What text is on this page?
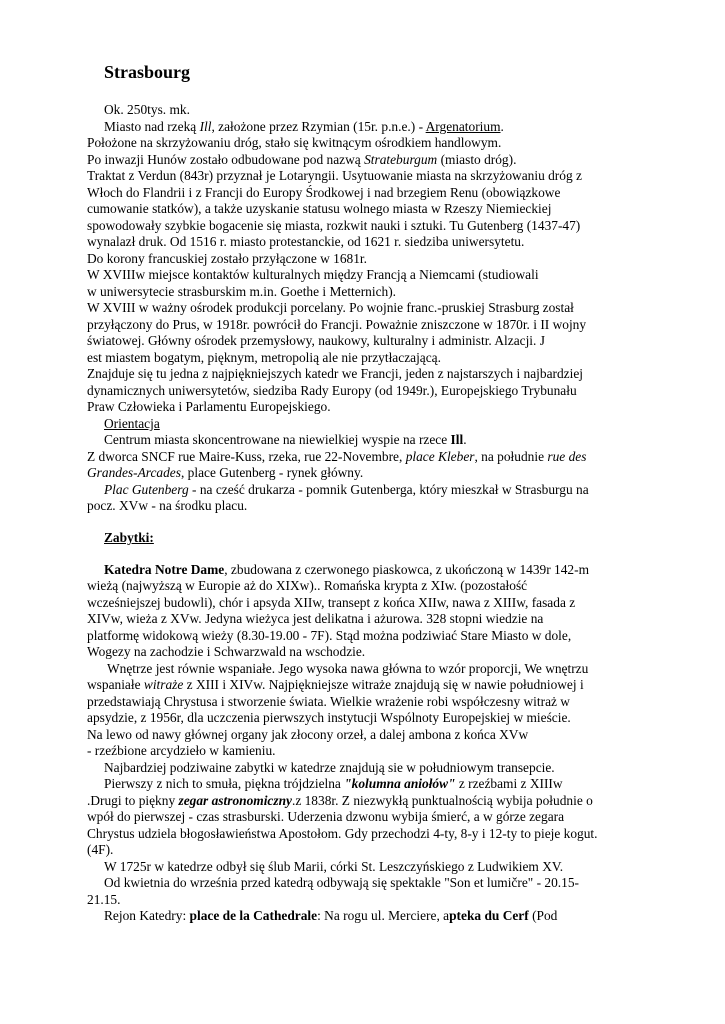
Strasbourg
Ok. 250tys. mk.
Miasto nad rzeką Ill, założone przez Rzymian (15r. p.n.e.) - Argenatorium.
Położone na skrzyżowaniu dróg, stało się kwitnącym ośrodkiem handlowym.
Po inwazji Hunów zostało odbudowane pod nazwą Strateburgum (miasto dróg).
Traktat z Verdun (843r) przyznał je Lotaryngii. Usytuowanie miasta na skrzyżowaniu dróg z
Włoch do Flandrii i z Francji do Europy Środkowej i nad brzegiem Renu (obowiązkowe
cumowanie statków), a także uzyskanie statusu wolnego miasta w Rzeszy Niemieckiej
spowodowały szybkie bogacenie się miasta, rozkwit nauki i sztuki. Tu Gutenberg (1437-47)
wynalazł druk. Od 1516 r. miasto protestanckie, od 1621 r. siedziba uniwersytetu.
Do korony francuskiej zostało przyłączone w 1681r.
W XVIIIw miejsce kontaktów kulturalnych między Francją a Niemcami (studiowali
w uniwersytecie strasburskim m.in. Goethe i Metternich).
W XVIII w ważny ośrodek produkcji porcelany. Po wojnie franc.-pruskiej Strasburg został
przyłączony do Prus, w 1918r. powrócił do Francji. Poważnie zniszczone w 1870r. i II wojny
światowej. Główny ośrodek przemysłowy, naukowy, kulturalny i administr. Alzacji. J
est miastem bogatym, pięknym, metropolią ale nie przytłaczającą.
Znajduje się tu jedna z najpiękniejszych katedr we Francji, jeden z najstarszych i najbardziej
dynamicznych uniwersytetów, siedziba Rady Europy (od 1949r.), Europejskiego Trybunału
Praw Człowieka i Parlamentu Europejskiego.
Orientacja
Centrum miasta skoncentrowane na niewielkiej wyspie na rzece Ill.
Z dworca SNCF rue Maire-Kuss, rzeka, rue 22-Novembre, place Kleber, na południe rue des
Grandes-Arcades, place Gutenberg - rynek główny.
Plac Gutenberg - na cześć drukarza - pomnik Gutenberga, który mieszkał w Strasburgu na
pocz. XVw - na środku placu.
Zabytki:
Katedra Notre Dame, zbudowana z czerwonego piaskowca, z ukończoną w 1439r 142-m
wieżą (najwyższą w Europie aż do XIXw).. Romańska krypta z XIw. (pozostałość
wcześniejszej budowli), chór i apsyda XIIw, transept z końca XIIw, nawa z XIIIw, fasada z
XIVw, wieża z XVw. Jedyna wieżyca jest delikatna i ażurowa. 328 stopni wiedzie na
platformę widokową wieży (8.30-19.00 - 7F). Stąd można podziwiać Stare Miasto w dole,
Wogezy na zachodzie i Schwarzwald na wschodzie.
Wnętrze jest równie wspaniałe. Jego wysoka nawa główna to wzór proporcji, We wnętrzu
wspaniałe witraże z XIII i XIVw. Najpiękniejsze witraże znajdują się w nawie południowej i
przedstawiają Chrystusa i stworzenie świata. Wielkie wrażenie robi współczesny witraż w
apsydzie, z 1956r, dla uczczenia pierwszych instytucji Wspólnoty Europejskiej w mieście.
Na lewo od nawy głównej organy jak złocony orzeł, a dalej ambona z końca XVw
- rzeźbione arcydzieło w kamieniu.
Najbardziej podziwaine zabytki w katedrze znajdują sie w południowym transepcie.
Pierwszy z nich to smuła, piękna trójdzielna "kolumna aniołów" z rzeźbami z XIIIw
.Drugi to piękny zegar astronomiczny.z 1838r. Z niezwykłą punktualnością wybija południe o
wpół do pierwszej - czas strasburski. Uderzenia dzwonu wybija śmierć, a w górze zegara
Chrystus udziela błogosławieństwa Apostołom. Gdy przechodzi 4-ty, 8-y i 12-ty to pieje kogut.
(4F).
W 1725r w katedrze odbył się ślub Marii, córki St. Leszczyńskiego z Ludwikiem XV.
Od kwietnia do września przed katedrą odbywają się spektakle "Son et lumičre" - 20.15-
21.15.
Rejon Katedry: place de la Cathedrale: Na rogu ul. Merciere, apteka du Cerf (Pod
